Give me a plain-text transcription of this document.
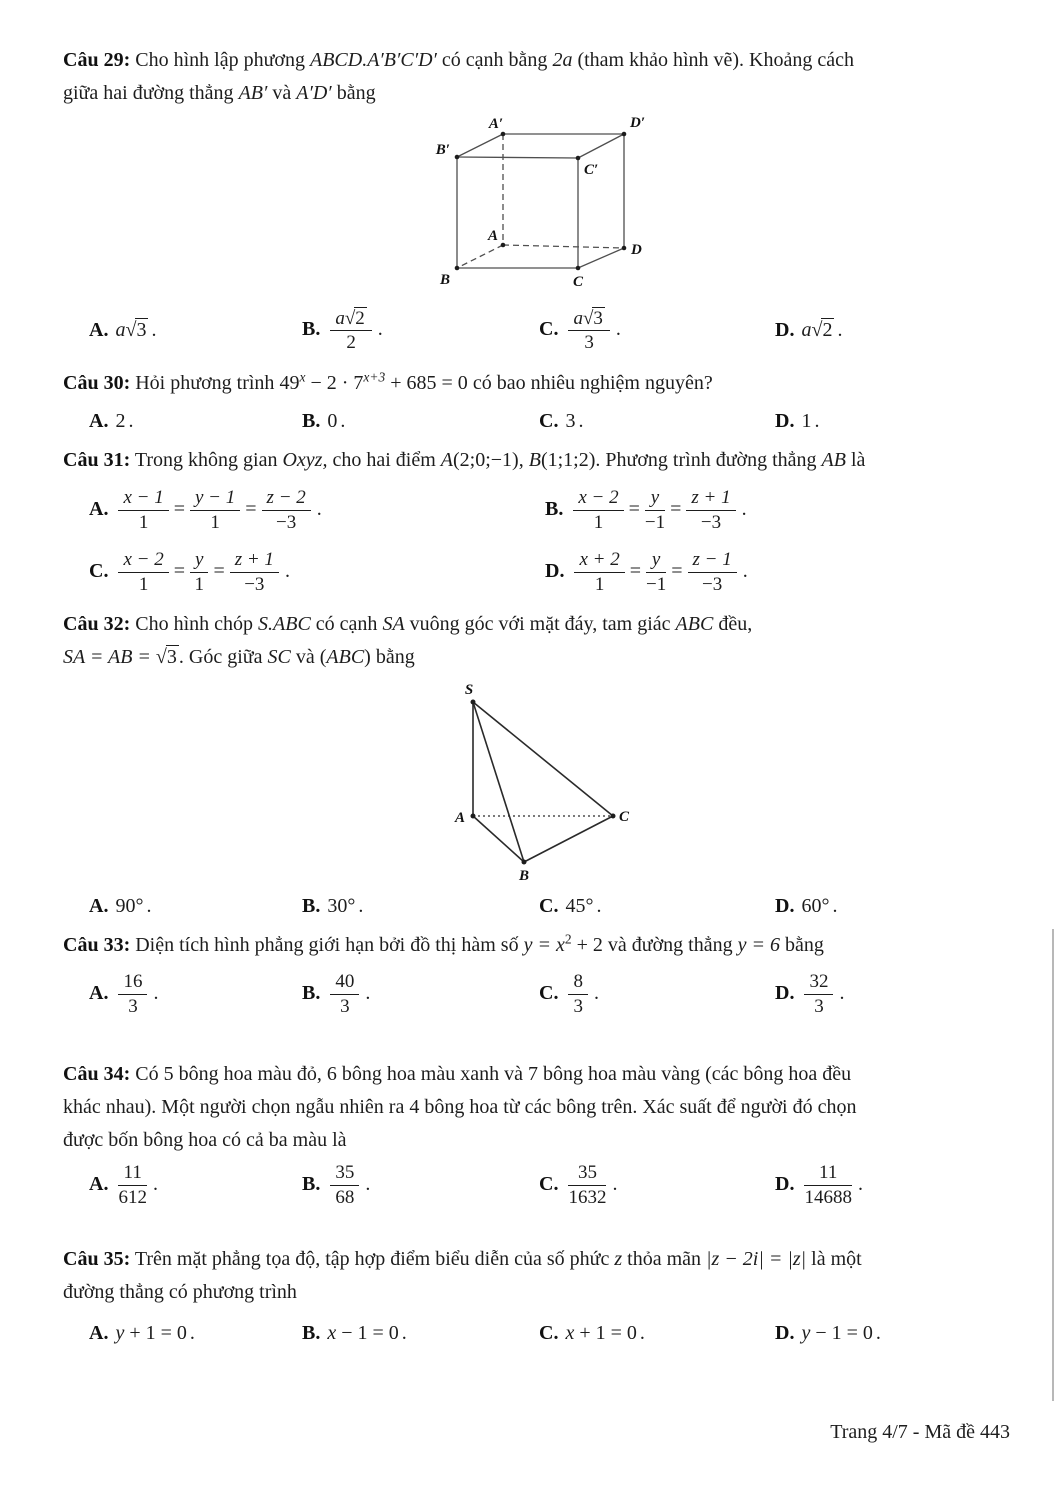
Câu 29: Cho hình lập phương ABCD.A′B′C′D′ có cạnh bằng 2a (tham khảo hình vẽ). Khoảng cách
giữa hai đường thẳng AB′ và A′D′ bằng

A′
B′
C′
D′
A
B	C
D
A. a√3 .	B. $\frac{a√2}{2}$ .	C. $\frac{a√3}{3}$ .	D. a√2 .

Câu 30: Hỏi phương trình $49^x - 2 \cdot 7^{x+3} + 685 = 0$ có bao nhiêu nghiệm nguyên?

A. 2 .	B. 0 .	C. 3 .	D. 1 .

Câu 31: Trong không gian Oxyz, cho hai điểm A(2;0;−1), B(1;1;2). Phương trình đường thẳng AB là

A. $\frac{x - 1}{1} = \frac{y - 1}{1} = \frac{z - 2}{-3}$ .	B. $\frac{x - 2}{1} = \frac{y}{-1} = \frac{z + 1}{-3}$ .
C. $\frac{x - 2}{1} = \frac{y}{1} = \frac{z + 1}{-3}$ .	D. $\frac{x + 2}{1} = \frac{y}{-1} = \frac{z - 1}{-3}$ .

Câu 32: Cho hình chóp S.ABC có cạnh SA vuông góc với mặt đáy, tam giác ABC đều,
SA = AB = √3 . Góc giữa SC và (ABC) bằng

S
A
B
C
A. 90° .	B. 30° .	C. 45° .	D. 60° .

Câu 33: Diện tích hình phẳng giới hạn bởi đồ thị hàm số $y = x^2 + 2$ và đường thẳng y = 6 bằng

A. $\frac{16}{3}$ .	B. $\frac{40}{3}$ .	C. $\frac{8}{3}$ .	D. $\frac{32}{3}$ .

Câu 34: Có 5 bông hoa màu đỏ, 6 bông hoa màu xanh và 7 bông hoa màu vàng (các bông hoa đều
khác nhau). Một người chọn ngẫu nhiên ra 4 bông hoa từ các bông trên. Xác suất để người đó chọn
được bốn bông hoa có cả ba màu là

A. $\frac{11}{612}$ .	B. $\frac{35}{68}$ .	C. $\frac{35}{1632}$ .	D. $\frac{11}{14688}$ .

Câu 35: Trên mặt phẳng tọa độ, tập hợp điểm biểu diễn của số phức z thỏa mãn |z − 2i| = |z| là một
đường thẳng có phương trình

A. y + 1 = 0 .	B. x − 1 = 0 .	C. x + 1 = 0 .	D. y − 1 = 0 .
Trang 4/7 - Mã đề 443
